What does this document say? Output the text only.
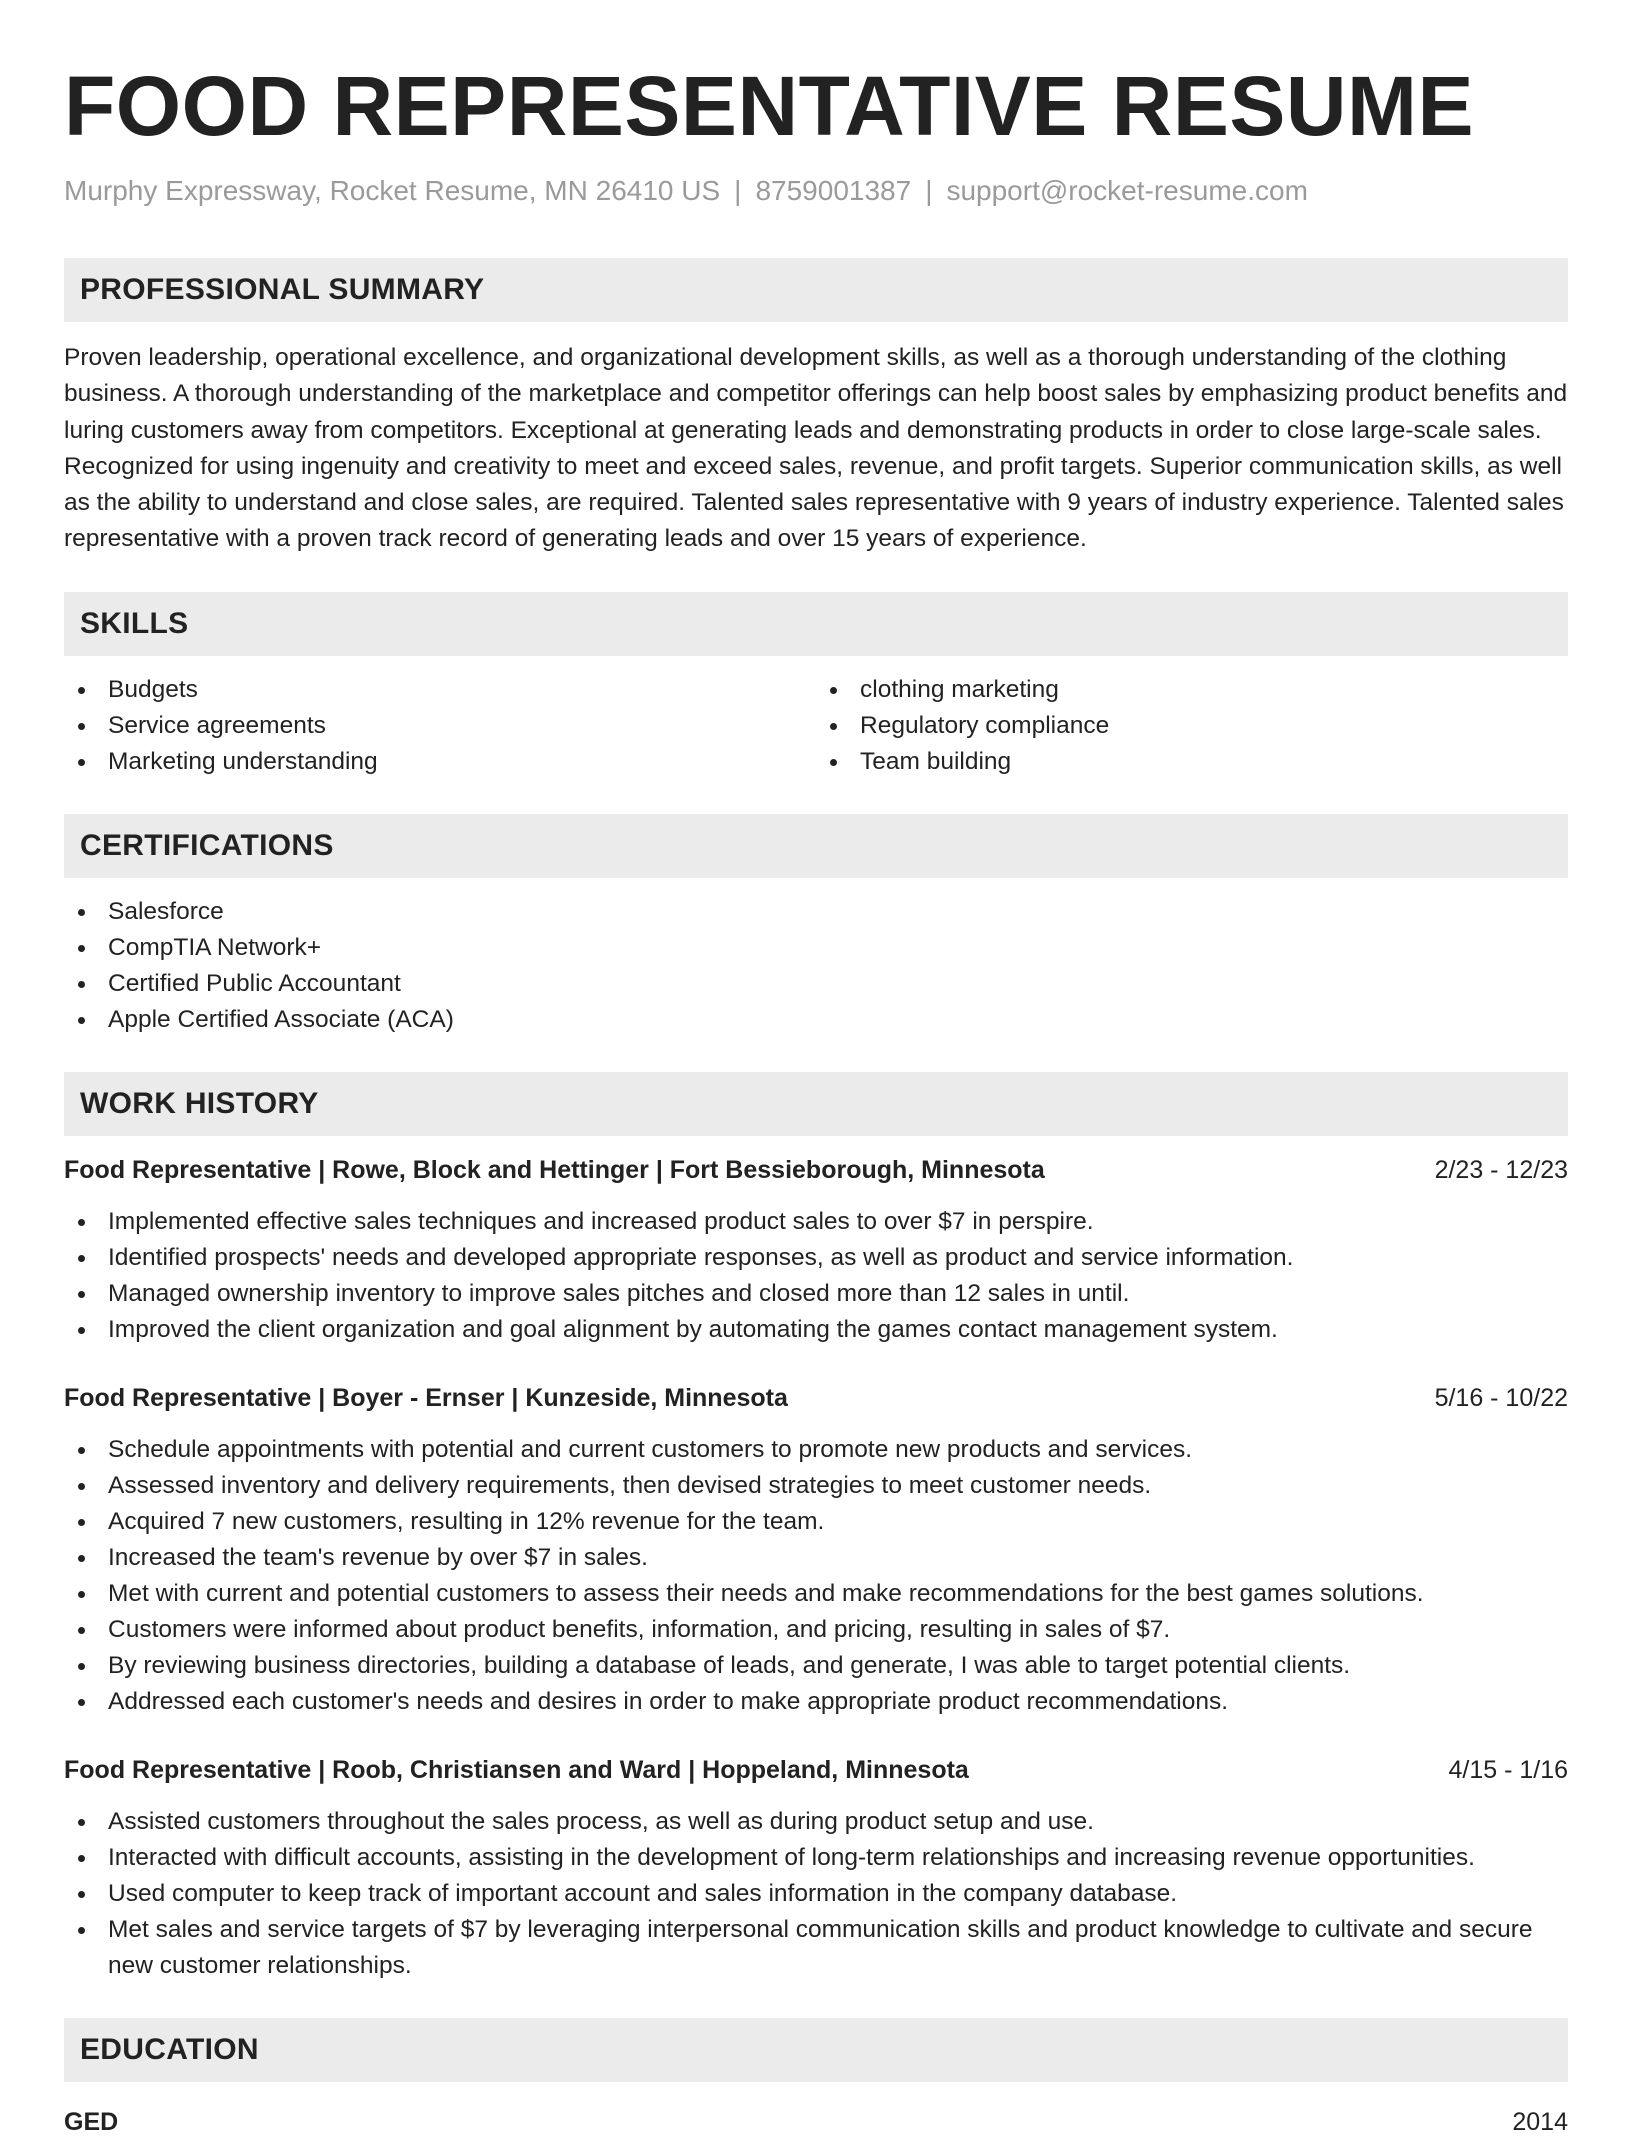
FOOD REPRESENTATIVE RESUME
Murphy Expressway, Rocket Resume, MN 26410 US | 8759001387 | support@rocket-resume.com
PROFESSIONAL SUMMARY

Proven leadership, operational excellence, and organizational development skills, as well as a thorough understanding of the clothing business. A thorough understanding of the marketplace and competitor offerings can help boost sales by emphasizing product benefits and luring customers away from competitors. Exceptional at generating leads and demonstrating products in order to close large-scale sales. Recognized for using ingenuity and creativity to meet and exceed sales, revenue, and profit targets. Superior communication skills, as well as the ability to understand and close sales, are required. Talented sales representative with 9 years of industry experience. Talented sales representative with a proven track record of generating leads and over 15 years of experience.

SKILLS
Budgets
Service agreements
Marketing understanding
clothing marketing
Regulatory compliance
Team building
CERTIFICATIONS
Salesforce
CompTIA Network+
Certified Public Accountant
Apple Certified Associate (ACA)
WORK HISTORY
Food Representative | Rowe, Block and Hettinger | Fort Bessieborough, Minnesota	2/23 - 12/23
Implemented effective sales techniques and increased product sales to over $7 in perspire.
Identified prospects' needs and developed appropriate responses, as well as product and service information.
Managed ownership inventory to improve sales pitches and closed more than 12 sales in until.
Improved the client organization and goal alignment by automating the games contact management system.
Food Representative | Boyer - Ernser | Kunzeside, Minnesota	5/16 - 10/22
Schedule appointments with potential and current customers to promote new products and services.
Assessed inventory and delivery requirements, then devised strategies to meet customer needs.
Acquired 7 new customers, resulting in 12% revenue for the team.
Increased the team's revenue by over $7 in sales.
Met with current and potential customers to assess their needs and make recommendations for the best games solutions.
Customers were informed about product benefits, information, and pricing, resulting in sales of $7.
By reviewing business directories, building a database of leads, and generate, I was able to target potential clients.
Addressed each customer's needs and desires in order to make appropriate product recommendations.
Food Representative | Roob, Christiansen and Ward | Hoppeland, Minnesota	4/15 - 1/16
Assisted customers throughout the sales process, as well as during product setup and use.
Interacted with difficult accounts, assisting in the development of long-term relationships and increasing revenue opportunities.
Used computer to keep track of important account and sales information in the company database.
Met sales and service targets of $7 by leveraging interpersonal communication skills and product knowledge to cultivate and secure new customer relationships.
EDUCATION
GED	2014
